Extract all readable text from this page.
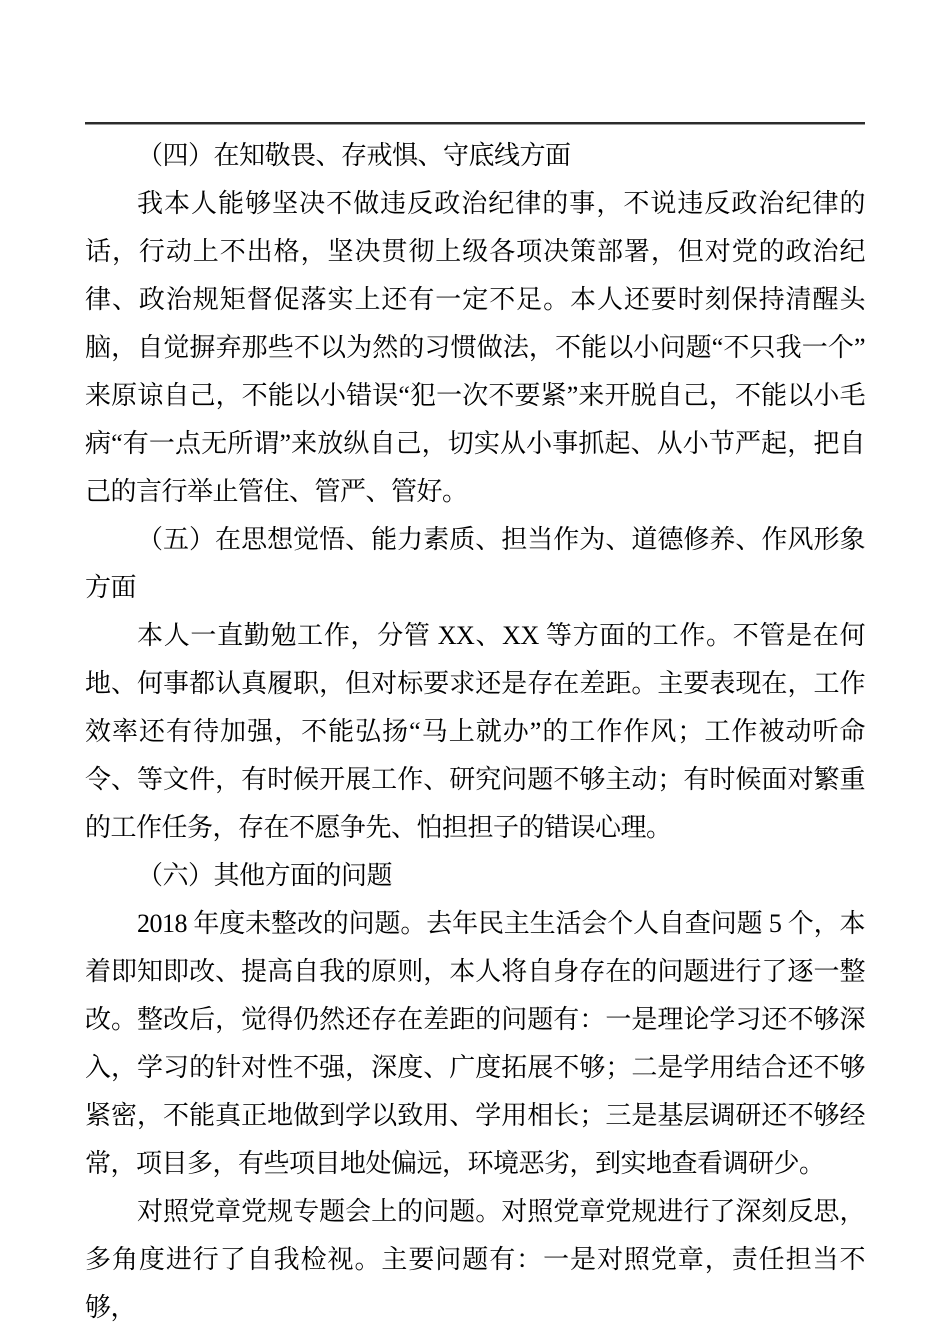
（四）在知敬畏、存戒惧、守底线方面

我本人能够坚决不做违反政治纪律的事，不说违反政治纪律的话，行动上不出格，坚决贯彻上级各项决策部署，但对党的政治纪律、政治规矩督促落实上还有一定不足。本人还要时刻保持清醒头脑，自觉摒弃那些不以为然的习惯做法，不能以小问题“不只我一个”来原谅自己，不能以小错误“犯一次不要紧”来开脱自己，不能以小毛病“有一点无所谓”来放纵自己，切实从小事抓起、从小节严起，把自己的言行举止管住、管严、管好。

（五）在思想觉悟、能力素质、担当作为、道德修养、作风形象方面

本人一直勤勉工作，分管 XX、XX 等方面的工作。不管是在何地、何事都认真履职，但对标要求还是存在差距。主要表现在，工作效率还有待加强，不能弘扬“马上就办”的工作作风；工作被动听命令、等文件，有时候开展工作、研究问题不够主动；有时候面对繁重的工作任务，存在不愿争先、怕担担子的错误心理。

（六）其他方面的问题

2018 年度未整改的问题。去年民主生活会个人自查问题 5 个，本着即知即改、提高自我的原则，本人将自身存在的问题进行了逐一整改。整改后，觉得仍然还存在差距的问题有：一是理论学习还不够深入，学习的针对性不强，深度、广度拓展不够；二是学用结合还不够紧密，不能真正地做到学以致用、学用相长；三是基层调研还不够经常，项目多，有些项目地处偏远，环境恶劣，到实地查看调研少。

对照党章党规专题会上的问题。对照党章党规进行了深刻反思，多角度进行了自我检视。主要问题有：一是对照党章，责任担当不够，
